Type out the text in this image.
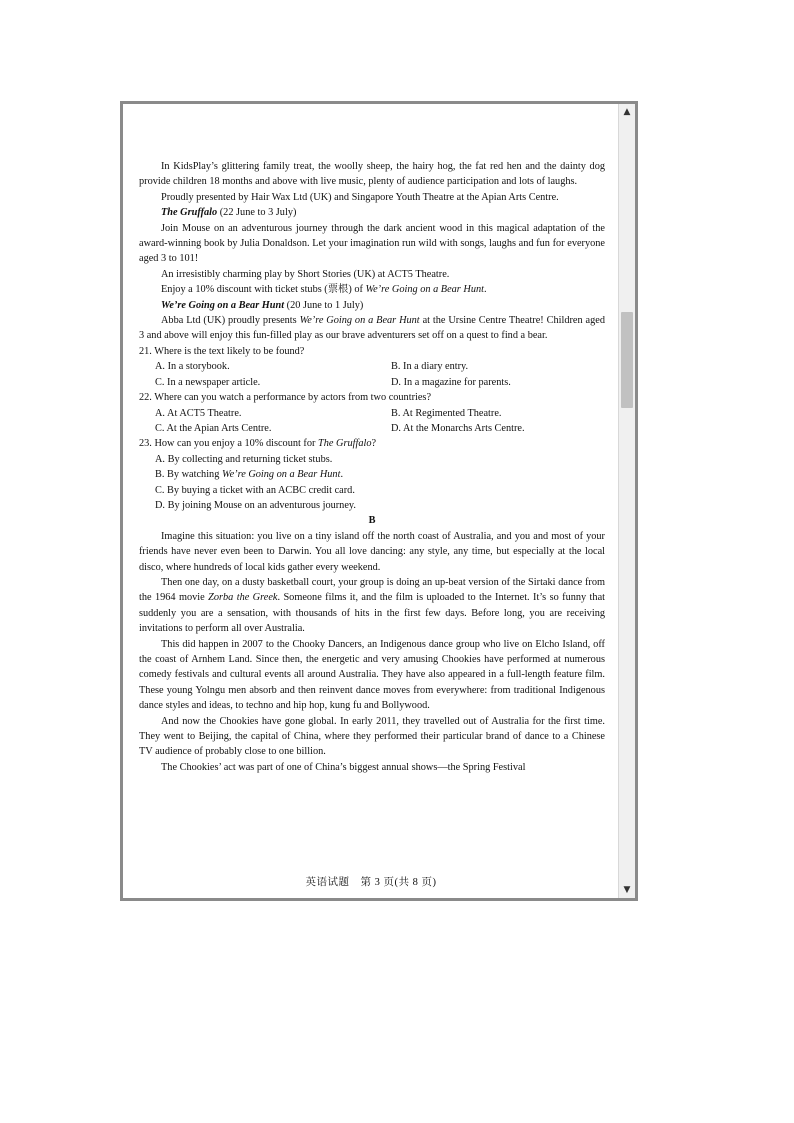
In KidsPlay’s glittering family treat, the woolly sheep, the hairy hog, the fat red hen and the dainty dog provide children 18 months and above with live music, plenty of audience participation and lots of laughs.

Proudly presented by Hair Wax Ltd (UK) and Singapore Youth Theatre at the Apian Arts Centre.

The Gruffalo (22 June to 3 July)

Join Mouse on an adventurous journey through the dark ancient wood in this magical adaptation of the award-winning book by Julia Donaldson. Let your imagination run wild with songs, laughs and fun for everyone aged 3 to 101!

An irresistibly charming play by Short Stories (UK) at ACT5 Theatre.

Enjoy a 10% discount with ticket stubs (票根) of We’re Going on a Bear Hunt.

We’re Going on a Bear Hunt (20 June to 1 July)

Abba Ltd (UK) proudly presents We’re Going on a Bear Hunt at the Ursine Centre Theatre! Children aged 3 and above will enjoy this fun-filled play as our brave adventurers set off on a quest to find a bear.

21. Where is the text likely to be found?

A. In a storybook.	B. In a diary entry.
C. In a newspaper article.	D. In a magazine for parents.

22. Where can you watch a performance by actors from two countries?

A. At ACT5 Theatre.	B. At Regimented Theatre.
C. At the Apian Arts Centre.	D. At the Monarchs Arts Centre.

23. How can you enjoy a 10% discount for The Gruffalo?

A. By collecting and returning ticket stubs.

B. By watching We’re Going on a Bear Hunt.

C. By buying a ticket with an ACBC credit card.

D. By joining Mouse on an adventurous journey.

B

Imagine this situation: you live on a tiny island off the north coast of Australia, and you and most of your friends have never even been to Darwin. You all love dancing: any style, any time, but especially at the local disco, where hundreds of local kids gather every weekend.

Then one day, on a dusty basketball court, your group is doing an up-beat version of the Sirtaki dance from the 1964 movie Zorba the Greek. Someone films it, and the film is uploaded to the Internet. It’s so funny that suddenly you are a sensation, with thousands of hits in the first few days. Before long, you are receiving invitations to perform all over Australia.

This did happen in 2007 to the Chooky Dancers, an Indigenous dance group who live on Elcho Island, off the coast of Arnhem Land. Since then, the energetic and very amusing Chookies have performed at numerous comedy festivals and cultural events all around Australia. They have also appeared in a full-length feature film. These young Yolngu men absorb and then reinvent dance moves from everywhere: from traditional Indigenous dance styles and ideas, to techno and hip hop, kung fu and Bollywood.

And now the Chookies have gone global. In early 2011, they travelled out of Australia for the first time. They went to Beijing, the capital of China, where they performed their particular brand of dance to a Chinese TV audience of probably close to one billion.

The Chookies’ act was part of one of China’s biggest annual shows—the Spring Festival

英语试题　第 3 页(共 8 页)
▲
▼
